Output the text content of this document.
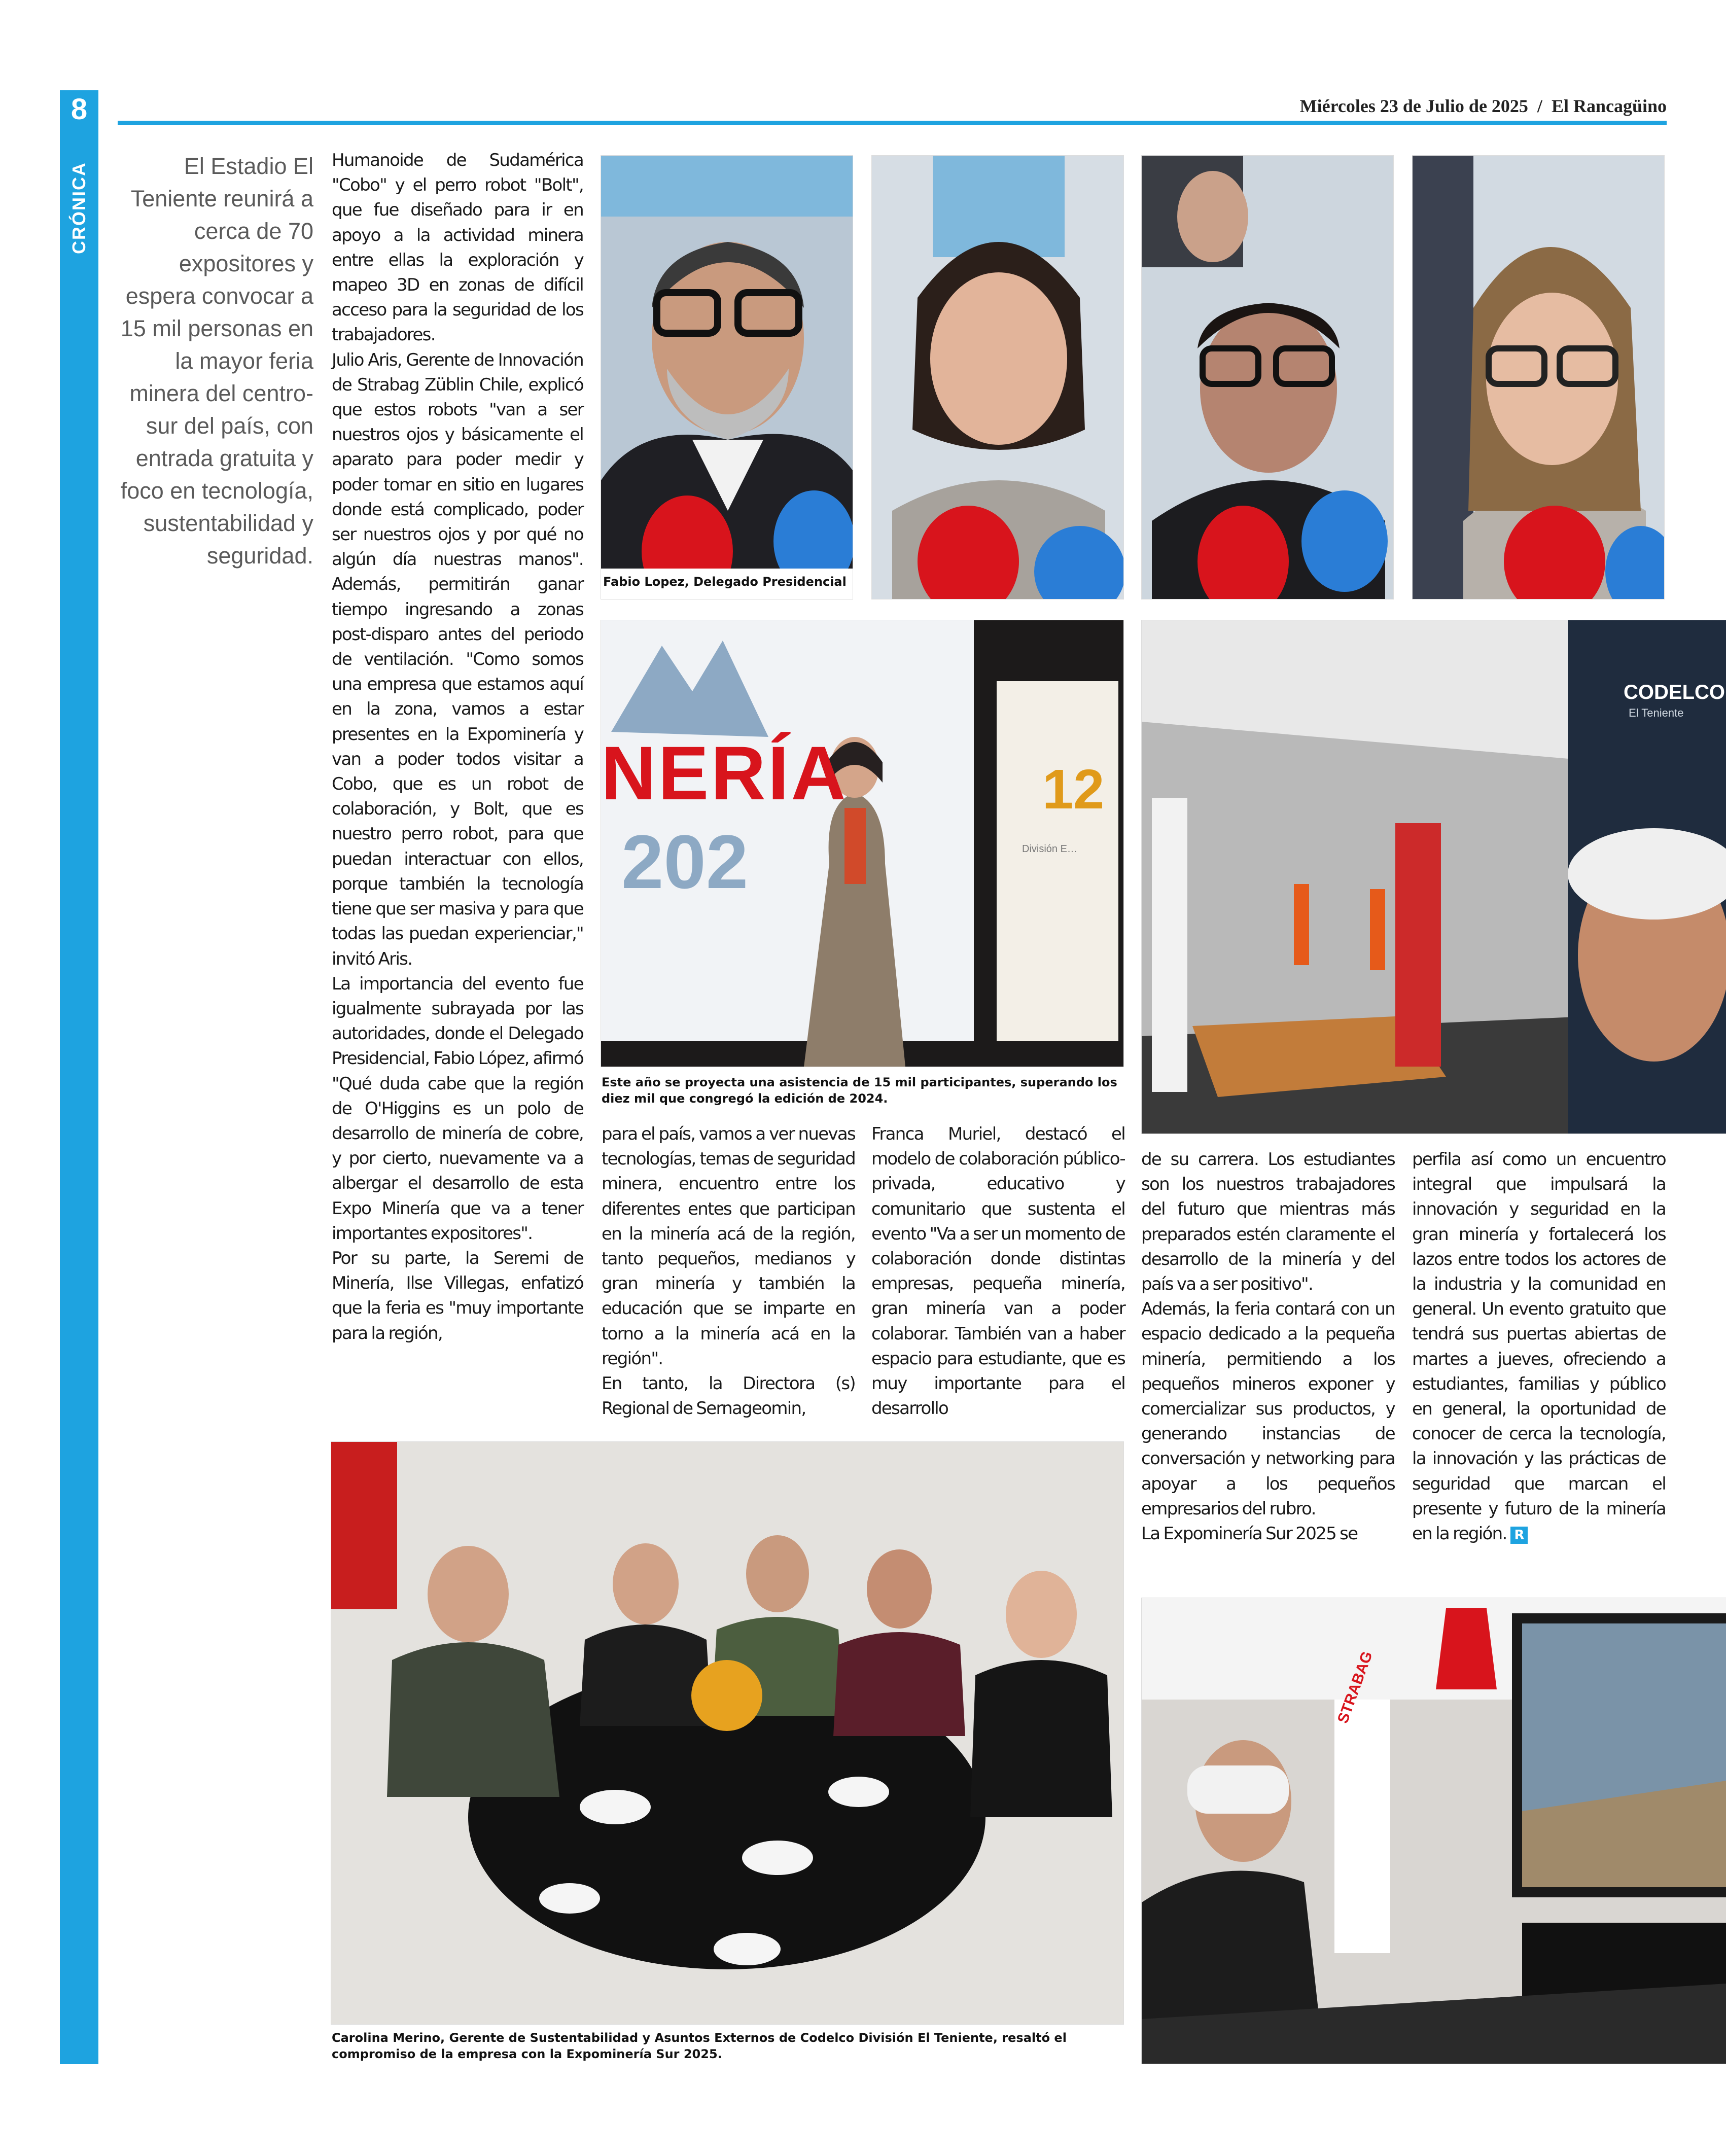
8
CRÓNICA
Miércoles 23 de Julio de 2025 / El Rancagüino
El Estadio El Teniente reunirá a cerca de 70 expositores y espera convocar a 15 mil personas en la mayor feria minera del centro-sur del país, con entrada gratuita y foco en tecnología, sustentabilidad y seguridad.

Humanoide de Sudamérica "Cobo" y el perro robot "Bolt", que fue diseñado para ir en apoyo a la actividad minera entre ellas la exploración y mapeo 3D en zonas de difícil acceso para la seguridad de los trabajadores.

Julio Aris, Gerente de Innovación de Strabag Züblin Chile, explicó que estos robots "van a ser nuestros ojos y básicamente el aparato para poder medir y poder tomar en sitio en lugares donde está complicado, poder ser nuestros ojos y por qué no algún día nuestras manos". Además, permitirán ganar tiempo ingresando a zonas post-disparo antes del periodo de ventilación. "Como somos una empresa que estamos aquí en la zona, vamos a estar presentes en la Expominería y van a poder todos visitar a Cobo, que es un robot de colaboración, y Bolt, que es nuestro perro robot, para que puedan interactuar con ellos, porque también la tecnología tiene que ser masiva y para que todas las puedan experienciar," invitó Aris.

La importancia del evento fue igualmente subrayada por las autoridades, donde el Delegado Presidencial, Fabio López, afirmó "Qué duda cabe que la región de O'Higgins es un polo de desarrollo de minería de cobre, y por cierto, nuevamente va a albergar el desarrollo de esta Expo Minería que va a tener importantes expositores".

Por su parte, la Seremi de Minería, Ilse Villegas, enfatizó que la feria es "muy importante para la región,

para el país, vamos a ver nuevas tecnologías, temas de seguridad minera, encuentro entre los diferentes entes que participan en la minería acá de la región, tanto pequeños, medianos y gran minería y también la educación que se imparte en torno a la minería acá en la región".

En tanto, la Directora (s) Regional de Sernageomin,

Franca Muriel, destacó el modelo de colaboración público-privada, educativo y comunitario que sustenta el evento "Va a ser un momento de colaboración donde distintas empresas, pequeña minería, gran minería van a poder colaborar. También van a haber espacio para estudiante, que es muy importante para el desarrollo

de su carrera. Los estudiantes son los nuestros trabajadores del futuro que mientras más preparados estén claramente el desarrollo de la minería y del país va a ser positivo".

Además, la feria contará con un espacio dedicado a la pequeña minería, permitiendo a los pequeños mineros exponer y comercializar sus productos, y generando instancias de conversación y networking para apoyar a los pequeños empresarios del rubro.

La Expominería Sur 2025 se

perfila así como un encuentro integral que impulsará la innovación y seguridad en la gran minería y fortalecerá los lazos entre todos los actores de la industria y la comunidad en general. Un evento gratuito que tendrá sus puertas abiertas de martes a jueves, ofreciendo a estudiantes, familias y público en general, la oportunidad de conocer de cerca la tecnología, la innovación y las prácticas de seguridad que marcan el presente y futuro de la minería en la región. R

Fabio Lopez, Delegado Presidencial
NERÍA
202
12
División E…
Este año se proyecta una asistencia de 15 mil participantes, superando los diez mil que congregó la edición de 2024.
CODELCO
El Teniente
Carolina Merino, Gerente de Sustentabilidad y Asuntos Externos de Codelco División El Teniente, resaltó el compromiso de la empresa con la Expominería Sur 2025.
STRABAG
